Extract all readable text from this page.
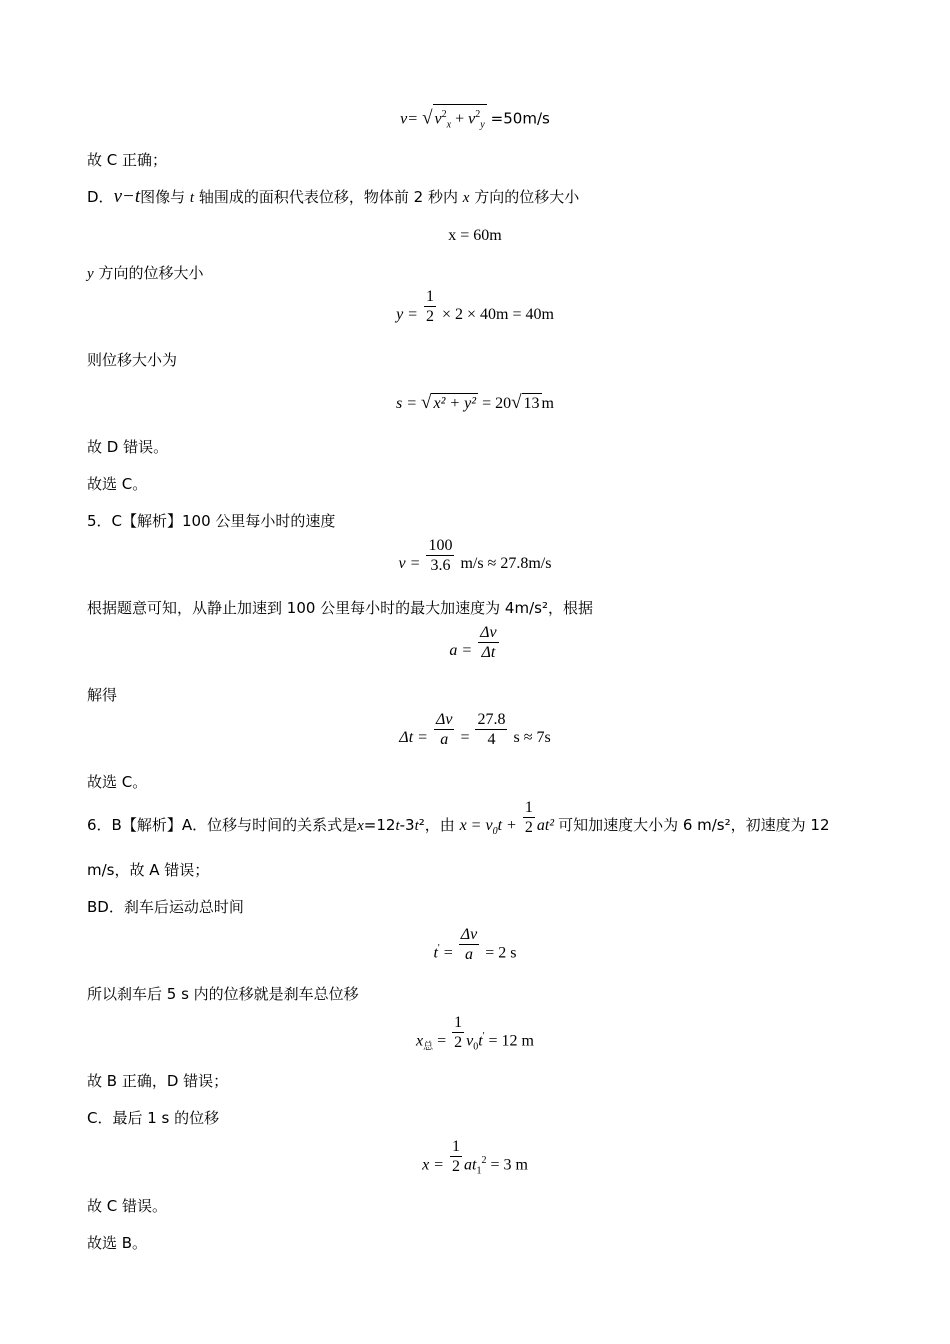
v= √ $v^2_x + v^2_y =50m/s$
故 C 正确；
D．v−t图像与 t 轴围成的面积代表位移，物体前 2 秒内 x 方向的位移大小
x = 60m
y 方向的位移大小
$y = \frac{1}{2} \times 2 \times 40m = 40m$
则位移大小为
s = √ x² + y² = 20√ 13 m
故 D 错误。
故选 C。
5．C【解析】100 公里每小时的速度
$v = \frac{100}{3.6} m/s \approx 27.8m/s$
根据题意可知，从静止加速到 100 公里每小时的最大加速度为 4m/s²，根据
$a = \frac{\Delta v}{\Delta t}$
解得
$\Delta t = \frac{\Delta v}{a} = \frac{27.8}{4}$ s ≈ 7s
故选 C。
6．B【解析】A．位移与时间的关系式是x=12t-3t²，由 $x = v_0t + \frac{1}{2} at^2$ 可知加速度大小为 6 m/s²，初速度为 12
m/s，故 A 错误；
BD．刹车后运动总时间
$t' = \frac{\Delta v}{a} = 2$ s
所以刹车后 5 s 内的位移就是刹车总位移
$x_总 = \frac{1}{2} v_0t' = 12$ m
故 B 正确，D 错误；
C．最后 1 s 的位移
$x = \frac{1}{2} at_1^2 = 3$ m
故 C 错误。
故选 B。
